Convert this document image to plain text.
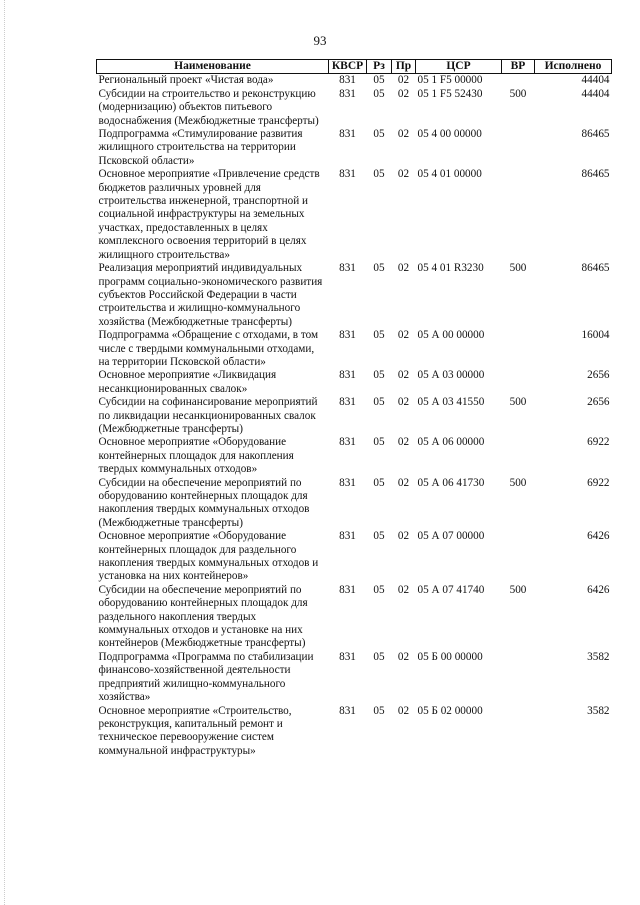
93
Наименование	КВСР	Рз	Пр	ЦСР	ВР	Исполнено
Региональный проект «Чистая вода»	831	05	02	05 1 F5 00000		44404
Субсидии на строительство и реконструкцию (модернизацию) объектов питьевого водоснабжения (Межбюджетные трансферты)	831	05	02	05 1 F5 52430	500	44404
Подпрограмма «Стимулирование развития жилищного строительства на территории Псковской области»	831	05	02	05 4 00 00000		86465
Основное мероприятие «Привлечение средств бюджетов различных уровней для строительства инженерной, транспортной и социальной инфраструктуры на земельных участках, предоставленных в целях комплексного освоения территорий в целях жилищного строительства»	831	05	02	05 4 01 00000		86465
Реализация мероприятий индивидуальных программ социально-экономического развития субъектов Российской Федерации в части строительства и жилищно-коммунального хозяйства (Межбюджетные трансферты)	831	05	02	05 4 01 R3230	500	86465
Подпрограмма «Обращение с отходами, в том числе с твердыми коммунальными отходами, на территории Псковской области»	831	05	02	05 А 00 00000		16004
Основное мероприятие «Ликвидация несанкционированных свалок»	831	05	02	05 А 03 00000		2656
Субсидии на софинансирование мероприятий по ликвидации несанкционированных свалок (Межбюджетные трансферты)	831	05	02	05 А 03 41550	500	2656
Основное мероприятие «Оборудование контейнерных площадок для накопления твердых коммунальных отходов»	831	05	02	05 А 06 00000		6922
Субсидии на обеспечение мероприятий по оборудованию контейнерных площадок для накопления твердых коммунальных отходов (Межбюджетные трансферты)	831	05	02	05 А 06 41730	500	6922
Основное мероприятие «Оборудование контейнерных площадок для раздельного накопления твердых коммунальных отходов и установка на них контейнеров»	831	05	02	05 А 07 00000		6426
Субсидии на обеспечение мероприятий по оборудованию контейнерных площадок для раздельного накопления твердых коммунальных отходов и установке на них контейнеров (Межбюджетные трансферты)	831	05	02	05 А 07 41740	500	6426
Подпрограмма «Программа по стабилизации финансово-хозяйственной деятельности предприятий жилищно-коммунального хозяйства»	831	05	02	05 Б 00 00000		3582
Основное мероприятие «Строительство, реконструкция, капитальный ремонт и техническое перевооружение систем коммунальной инфраструктуры»	831	05	02	05 Б 02 00000		3582
